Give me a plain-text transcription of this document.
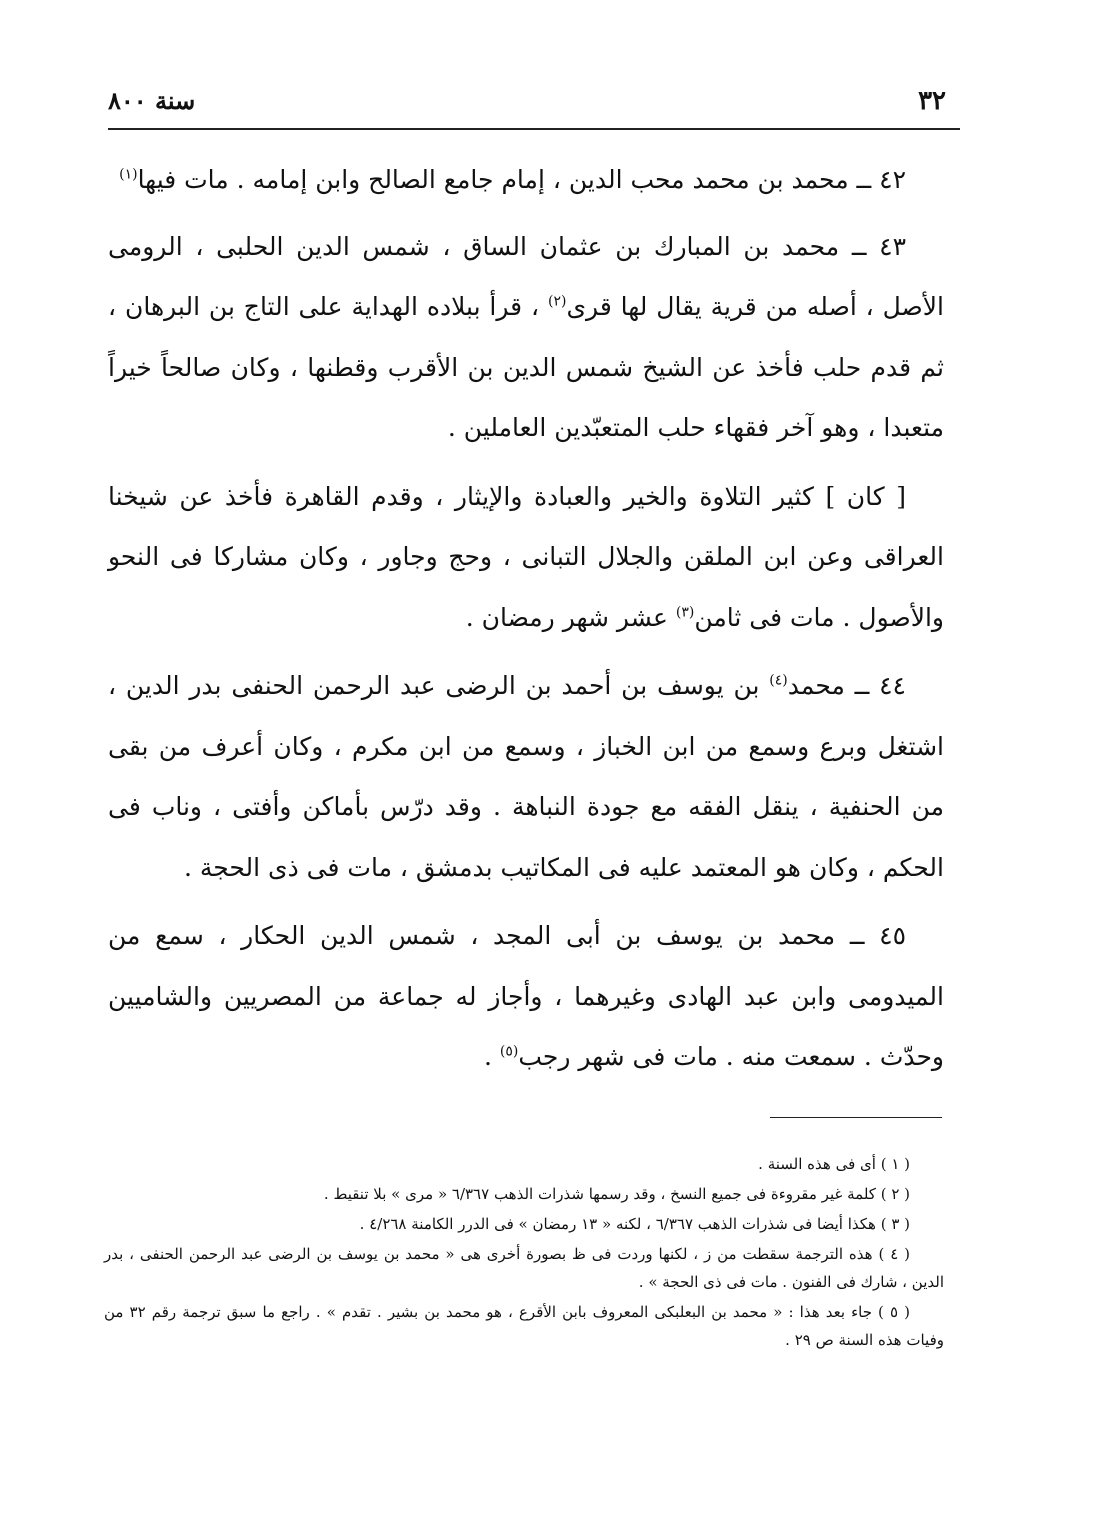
٣٢
سنة ٨٠٠

٤٢ ــ محمد بن محمد محب الدين ، إمام جامع الصالح وابن إمامه . مات فيها$^{(١)}$

٤٣ ــ محمد بن المبارك بن عثمان الساق ، شمس الدين الحلبى ، الرومى الأصل ، أصله من قرية يقال لها قرى$^{(٢)}$ ، قرأ ببلاده الهداية على التاج بن البرهان ، ثم قدم حلب فأخذ عن الشيخ شمس الدين بن الأقرب وقطنها ، وكان صالحاً خيراً متعبدا ، وهو آخر فقهاء حلب المتعبّدين العاملين .

[ كان ] كثير التلاوة والخير والعبادة والإيثار ، وقدم القاهرة فأخذ عن شيخنا العراقى وعن ابن الملقن والجلال التبانى ، وحج وجاور ، وكان مشاركا فى النحو والأصول . مات فى ثامن$^{(٣)}$ عشر شهر رمضان .

٤٤ ــ محمد$^{(٤)}$ بن يوسف بن أحمد بن الرضى عبد الرحمن الحنفى بدر الدين ، اشتغل وبرع وسمع من ابن الخباز ، وسمع من ابن مكرم ، وكان أعرف من بقى من الحنفية ، ينقل الفقه مع جودة النباهة . وقد درّس بأماكن وأفتى ، وناب فى الحكم ، وكان هو المعتمد عليه فى المكاتيب بدمشق ، مات فى ذى الحجة .

٤٥ ــ محمد بن يوسف بن أبى المجد ، شمس الدين الحكار ، سمع من الميدومى وابن عبد الهادى وغيرهما ، وأجاز له جماعة من المصريين والشاميين وحدّث . سمعت منه . مات فى شهر رجب$^{(٥)}$ .

( ١ ) أى فى هذه السنة .

( ٢ ) كلمة غير مقروءة فى جميع النسخ ، وقد رسمها شذرات الذهب ٦/٣٦٧ « مرى » بلا تنقيط .

( ٣ ) هكذا أيضا فى شذرات الذهب ٦/٣٦٧ ، لكنه « ١٣ رمضان » فى الدرر الكامنة ٤/٢٦٨ .

( ٤ ) هذه الترجمة سقطت من ز ، لكنها وردت فى ظ بصورة أخرى هى « محمد بن يوسف بن الرضى عبد الرحمن الحنفى ، بدر الدين ، شارك فى الفنون . مات فى ذى الحجة » .

( ٥ ) جاء بعد هذا : « محمد بن البعلبكى المعروف بابن الأقرع ، هو محمد بن بشير . تقدم » . راجع ما سبق ترجمة رقم ٣٢ من وفيات هذه السنة ص ٢٩ .
